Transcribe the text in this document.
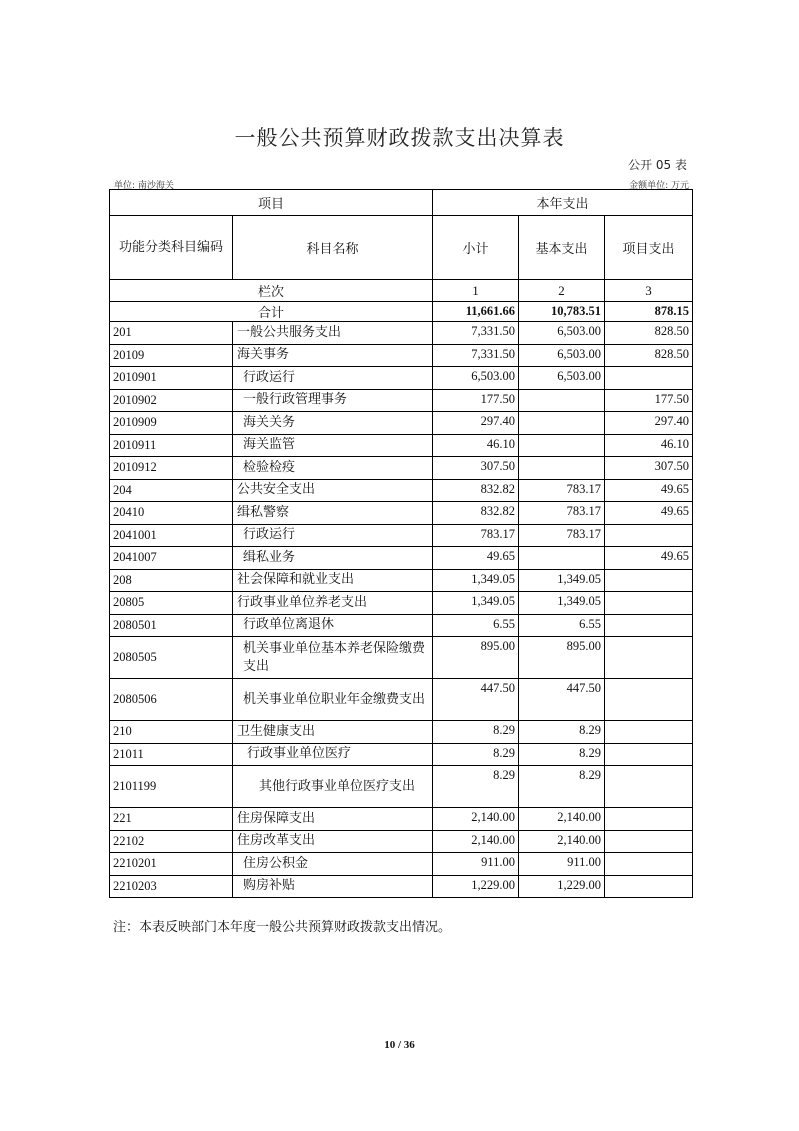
一般公共预算财政拨款支出决算表
公开 05 表
单位: 南沙海关	金额单位: 万元
项目		本年支出		
功能分类科目编码	科目名称	小计	基本支出	项目支出
栏次		1	2	3
合计		11,661.66	10,783.51	878.15
201	一般公共服务支出	7,331.50	6,503.00	828.50
20109	海关事务	7,331.50	6,503.00	828.50
2010901	行政运行	6,503.00	6,503.00	
2010902	一般行政管理事务	177.50		177.50
2010909	海关关务	297.40		297.40
2010911	海关监管	46.10		46.10
2010912	检验检疫	307.50		307.50
204	公共安全支出	832.82	783.17	49.65
20410	缉私警察	832.82	783.17	49.65
2041001	行政运行	783.17	783.17	
2041007	缉私业务	49.65		49.65
208	社会保障和就业支出	1,349.05	1,349.05	
20805	行政事业单位养老支出	1,349.05	1,349.05	
2080501	行政单位离退休	6.55	6.55	
2080505	机关事业单位基本养老保险缴费支出	895.00	895.00	
2080506	机关事业单位职业年金缴费支出	447.50	447.50	
210	卫生健康支出	8.29	8.29	
21011	行政事业单位医疗	8.29	8.29	
2101199	其他行政事业单位医疗支出	8.29	8.29	
221	住房保障支出	2,140.00	2,140.00	
22102	住房改革支出	2,140.00	2,140.00	
2210201	住房公积金	911.00	911.00	
2210203	购房补贴	1,229.00	1,229.00	
注：本表反映部门本年度一般公共预算财政拨款支出情况。
10 / 36
